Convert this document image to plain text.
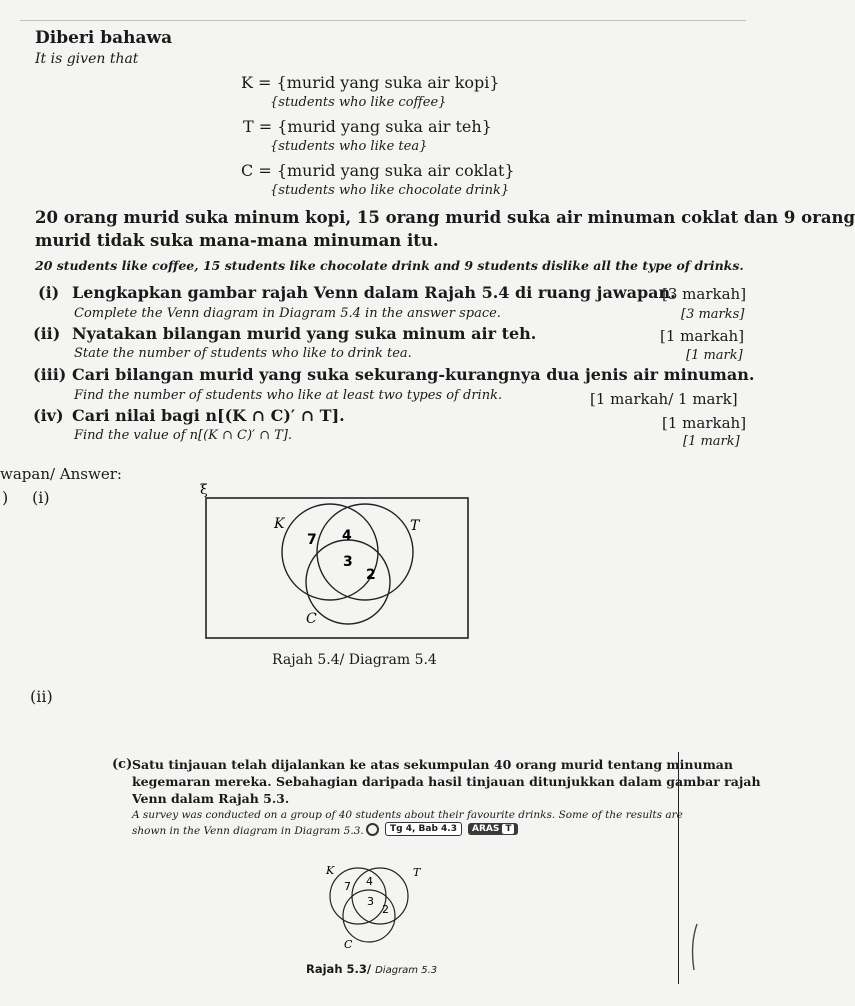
Diberi bahawa
It is given that
K = {murid yang suka air kopi}
{students who like coffee}
T = {murid yang suka air teh}
{students who like tea}
C = {murid yang suka air coklat}
{students who like chocolate drink}
20 orang murid suka minum kopi, 15 orang murid suka air minuman coklat dan 9 orang
murid tidak suka mana-mana minuman itu.
20 students like coffee, 15 students like chocolate drink and 9 students dislike all the type of drinks.
(i) Lengkapkan gambar rajah Venn dalam Rajah 5.4 di ruang jawapan.
[3 markah]
Complete the Venn diagram in Diagram 5.4 in the answer space.	[3 marks]
(ii) Nyatakan bilangan murid yang suka minum air teh.	[1 markah]
State the number of students who like to drink tea.	[1 mark]
(iii) Cari bilangan murid yang suka sekurang-kurangnya dua jenis air minuman.
Find the number of students who like at least two types of drink.	[1 markah/ 1 mark]
(iv) Cari nilai bagi n[(K ∩ C)′ ∩ T].	[1 markah]
Find the value of n[(K ∩ C)′ ∩ T].	[1 mark]
wapan/ Answer:
) (i)
(ii)
ξ
K	T
C
7 4
3
2
Rajah 5.4/ Diagram 5.4
(c) Satu tinjauan telah dijalankan ke atas sekumpulan 40 orang murid tentang minuman
kegemaran mereka. Sebahagian daripada hasil tinjauan ditunjukkan dalam gambar rajah
Venn dalam Rajah 5.3.
A survey was conducted on a group of 40 students about their favourite drinks. Some of the results are
shown in the Venn diagram in Diagram 5.3.	Tg 4, Bab 4.3	ARAS T
K	T
C
7 4
3
2
Rajah 5.3/ Diagram 5.3
